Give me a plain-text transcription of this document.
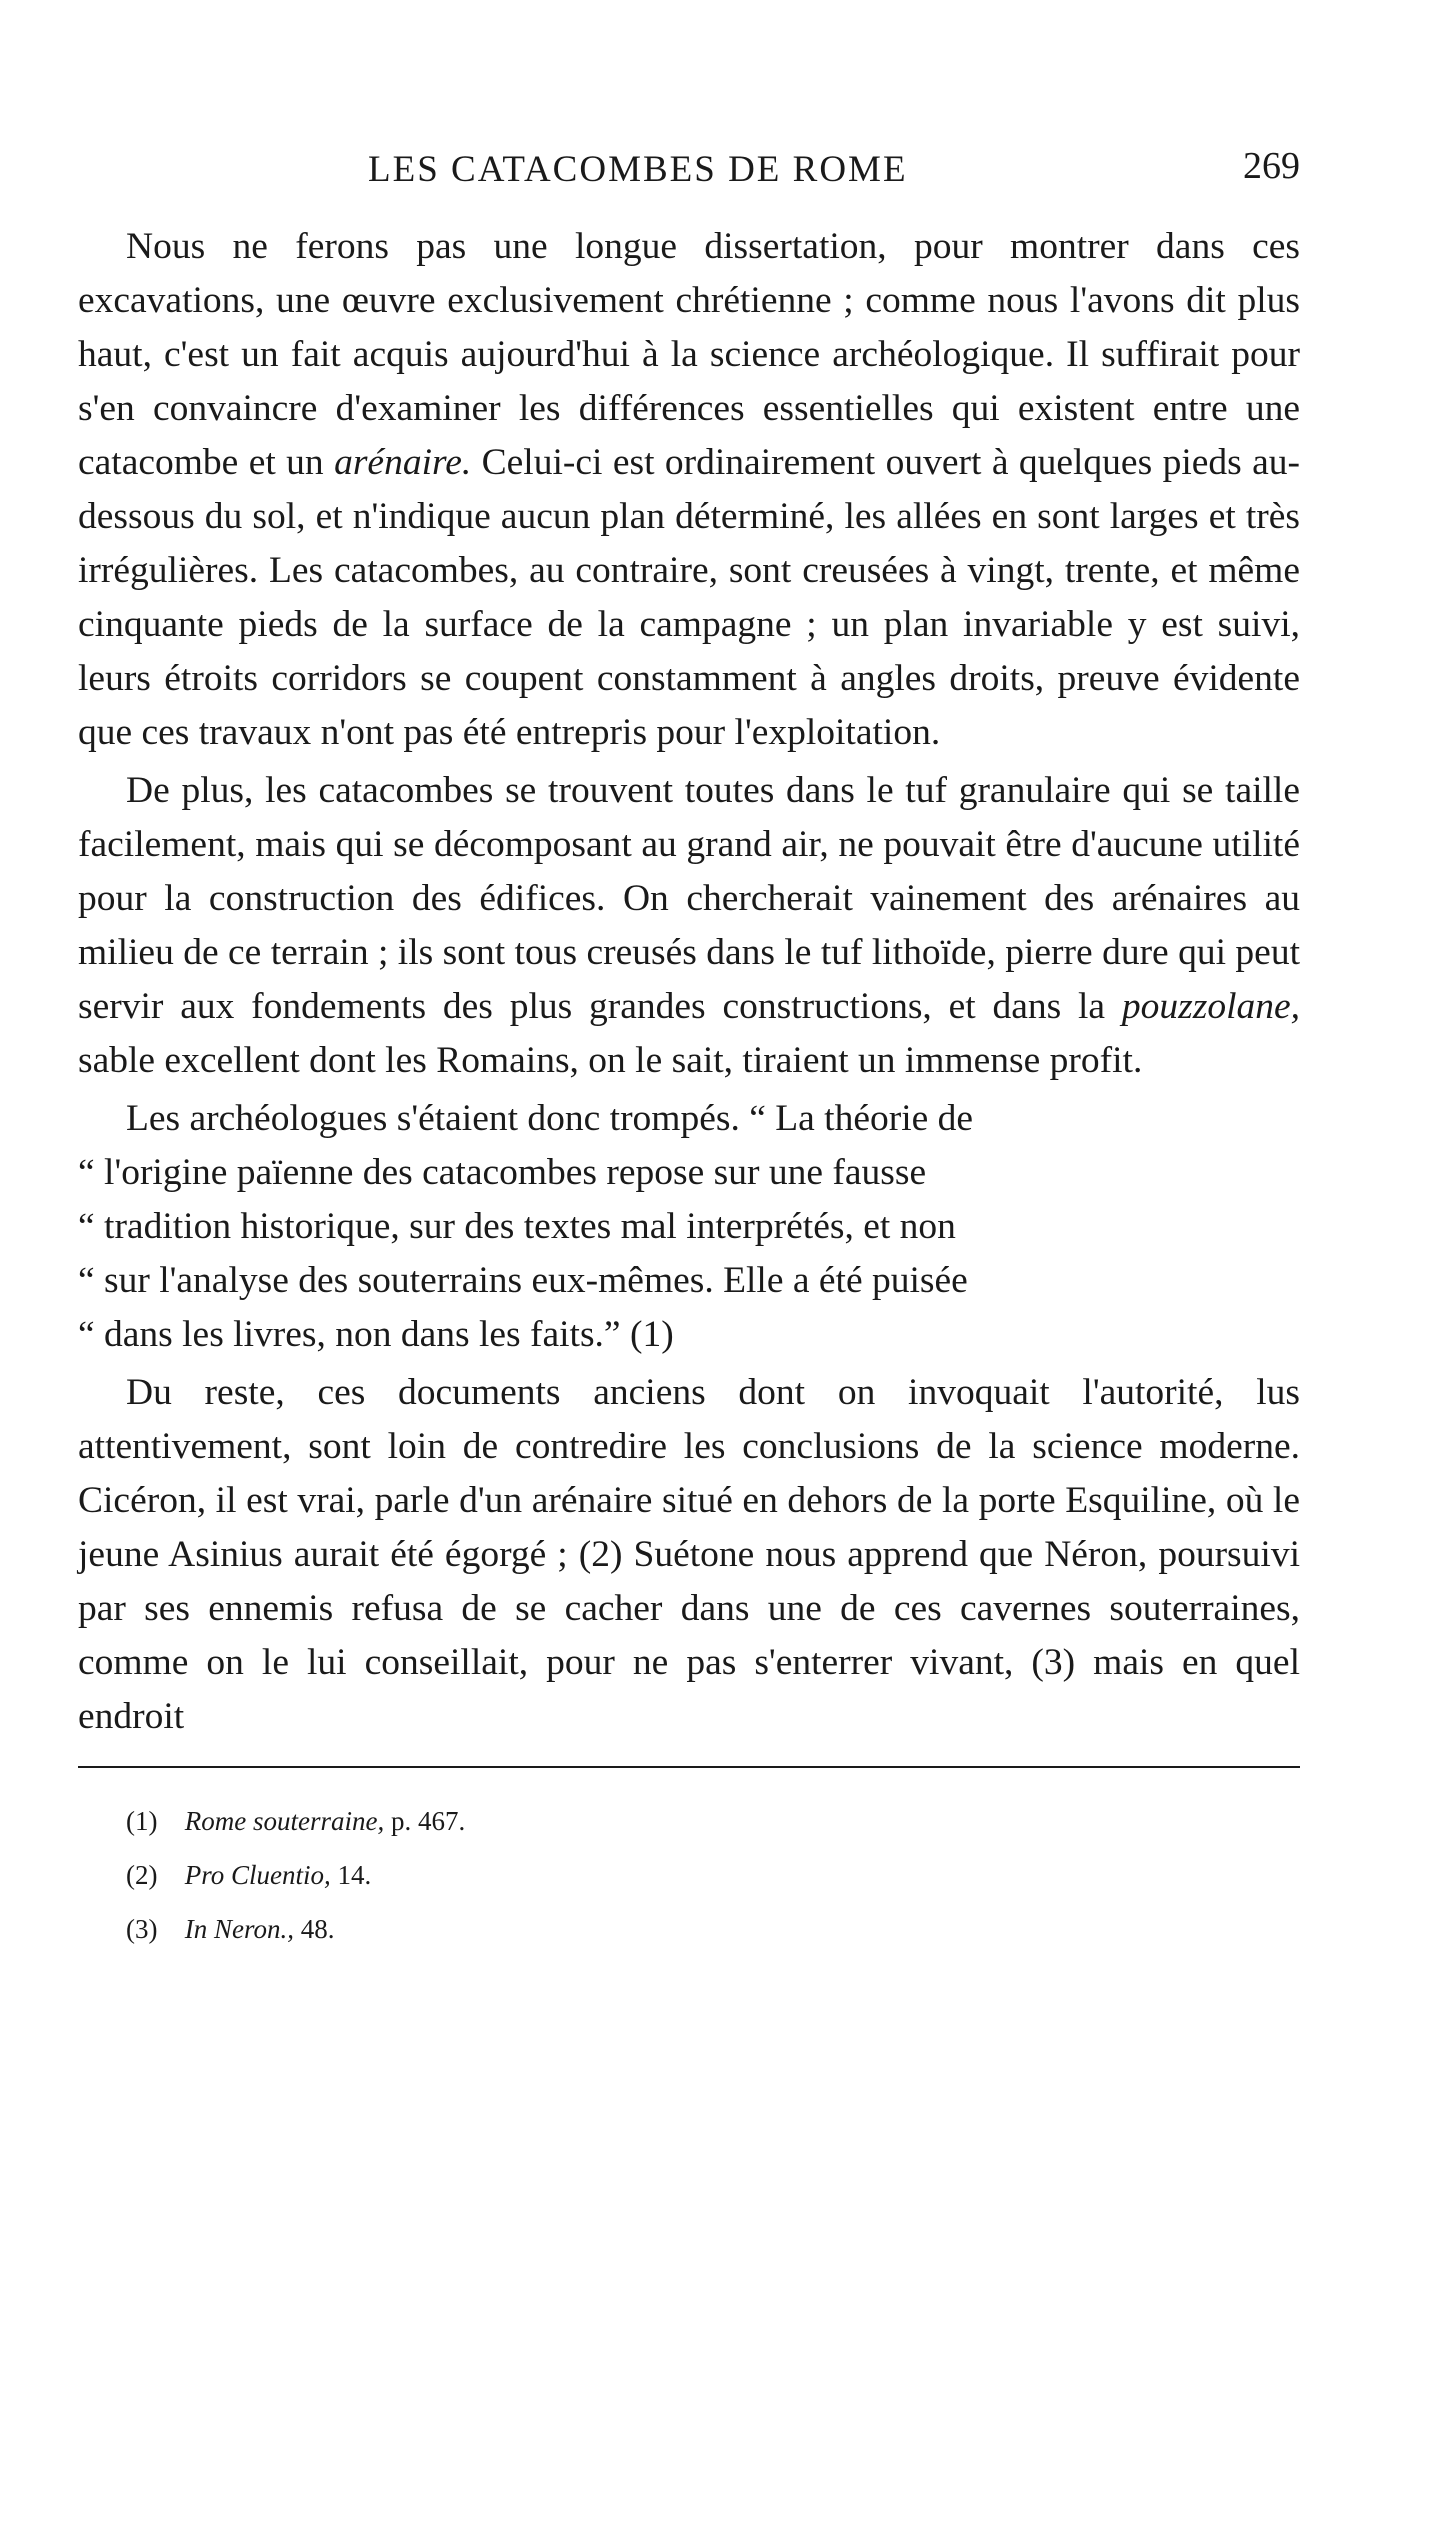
LES CATACOMBES DE ROME	269

Nous ne ferons pas une longue dissertation, pour montrer dans ces excavations, une œuvre exclusivement chrétienne ; comme nous l'avons dit plus haut, c'est un fait acquis aujourd'hui à la science archéologique. Il suffirait pour s'en convaincre d'examiner les différences essentielles qui existent entre une catacombe et un arénaire. Celui-ci est ordinairement ouvert à quelques pieds au-dessous du sol, et n'indique aucun plan déterminé, les allées en sont larges et très irrégulières. Les catacombes, au contraire, sont creusées à vingt, trente, et même cinquante pieds de la surface de la campagne ; un plan invariable y est suivi, leurs étroits corridors se coupent constamment à angles droits, preuve évidente que ces travaux n'ont pas été entrepris pour l'exploitation.

De plus, les catacombes se trouvent toutes dans le tuf granulaire qui se taille facilement, mais qui se décomposant au grand air, ne pouvait être d'aucune utilité pour la construction des édifices. On chercherait vainement des arénaires au milieu de ce terrain ; ils sont tous creusés dans le tuf lithoïde, pierre dure qui peut servir aux fondements des plus grandes constructions, et dans la pouzzolane, sable excellent dont les Romains, on le sait, tiraient un immense profit.

Les archéologues s'étaient donc trompés. “ La théorie de
“ l'origine païenne des catacombes repose sur une fausse
“ tradition historique, sur des textes mal interprétés, et non
“ sur l'analyse des souterrains eux-mêmes. Elle a été puisée
“ dans les livres, non dans les faits.” (1)

Du reste, ces documents anciens dont on invoquait l'autorité, lus attentivement, sont loin de contredire les conclusions de la science moderne. Cicéron, il est vrai, parle d'un arénaire situé en dehors de la porte Esquiline, où le jeune Asinius aurait été égorgé ; (2) Suétone nous apprend que Néron, poursuivi par ses ennemis refusa de se cacher dans une de ces cavernes souterraines, comme on le lui conseillait, pour ne pas s'enterrer vivant, (3) mais en quel endroit

(1) Rome souterraine, p. 467.
(2) Pro Cluentio, 14.
(3) In Neron., 48.
